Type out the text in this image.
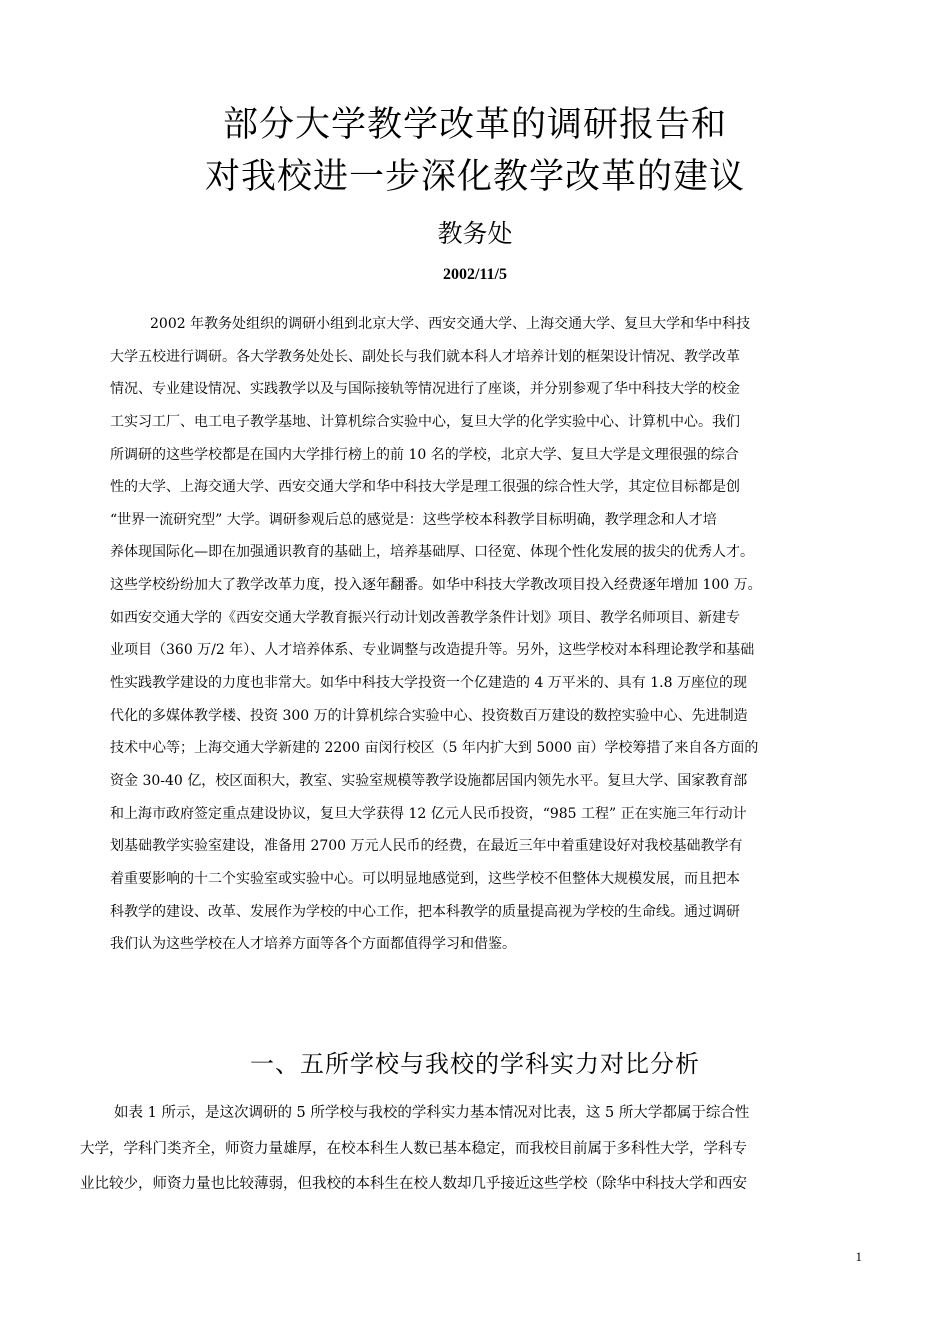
部分大学教学改革的调研报告和
对我校进一步深化教学改革的建议
教务处
2002/11/5
2002 年教务处组织的调研小组到北京大学、西安交通大学、上海交通大学、复旦大学和华中科技
大学五校进行调研。各大学教务处处长、副处长与我们就本科人才培养计划的框架设计情况、教学改革
情况、专业建设情况、实践教学以及与国际接轨等情况进行了座谈，并分别参观了华中科技大学的校金
工实习工厂、电工电子教学基地、计算机综合实验中心，复旦大学的化学实验中心、计算机中心。我们
所调研的这些学校都是在国内大学排行榜上的前 10 名的学校，北京大学、复旦大学是文理很强的综合
性的大学、上海交通大学、西安交通大学和华中科技大学是理工很强的综合性大学，其定位目标都是创
“世界一流研究型” 大学。调研参观后总的感觉是：这些学校本科教学目标明确，教学理念和人才培
养体现国际化—即在加强通识教育的基础上，培养基础厚、口径宽、体现个性化发展的拔尖的优秀人才。
这些学校纷纷加大了教学改革力度，投入逐年翻番。如华中科技大学教改项目投入经费逐年增加 100 万。
如西安交通大学的《西安交通大学教育振兴行动计划改善教学条件计划》项目、教学名师项目、新建专
业项目（360 万/2 年）、人才培养体系、专业调整与改造提升等。另外，这些学校对本科理论教学和基础
性实践教学建设的力度也非常大。如华中科技大学投资一个亿建造的 4 万平米的、具有 1.8 万座位的现
代化的多媒体教学楼、投资 300 万的计算机综合实验中心、投资数百万建设的数控实验中心、先进制造
技术中心等；上海交通大学新建的 2200 亩闵行校区（5 年内扩大到 5000 亩）学校筹措了来自各方面的
资金 30-40 亿，校区面积大，教室、实验室规模等教学设施都居国内领先水平。复旦大学、国家教育部
和上海市政府签定重点建设协议，复旦大学获得 12 亿元人民币投资，“985 工程” 正在实施三年行动计
划基础教学实验室建设，准备用 2700 万元人民币的经费，在最近三年中着重建设好对我校基础教学有
着重要影响的十二个实验室或实验中心。可以明显地感觉到，这些学校不但整体大规模发展，而且把本
科教学的建设、改革、发展作为学校的中心工作，把本科教学的质量提高视为学校的生命线。通过调研
我们认为这些学校在人才培养方面等各个方面都值得学习和借鉴。
一、五所学校与我校的学科实力对比分析
如表 1 所示，是这次调研的 5 所学校与我校的学科实力基本情况对比表，这 5 所大学都属于综合性
大学，学科门类齐全，师资力量雄厚，在校本科生人数已基本稳定，而我校目前属于多科性大学，学科专
业比较少，师资力量也比较薄弱，但我校的本科生在校人数却几乎接近这些学校（除华中科技大学和西安
1
